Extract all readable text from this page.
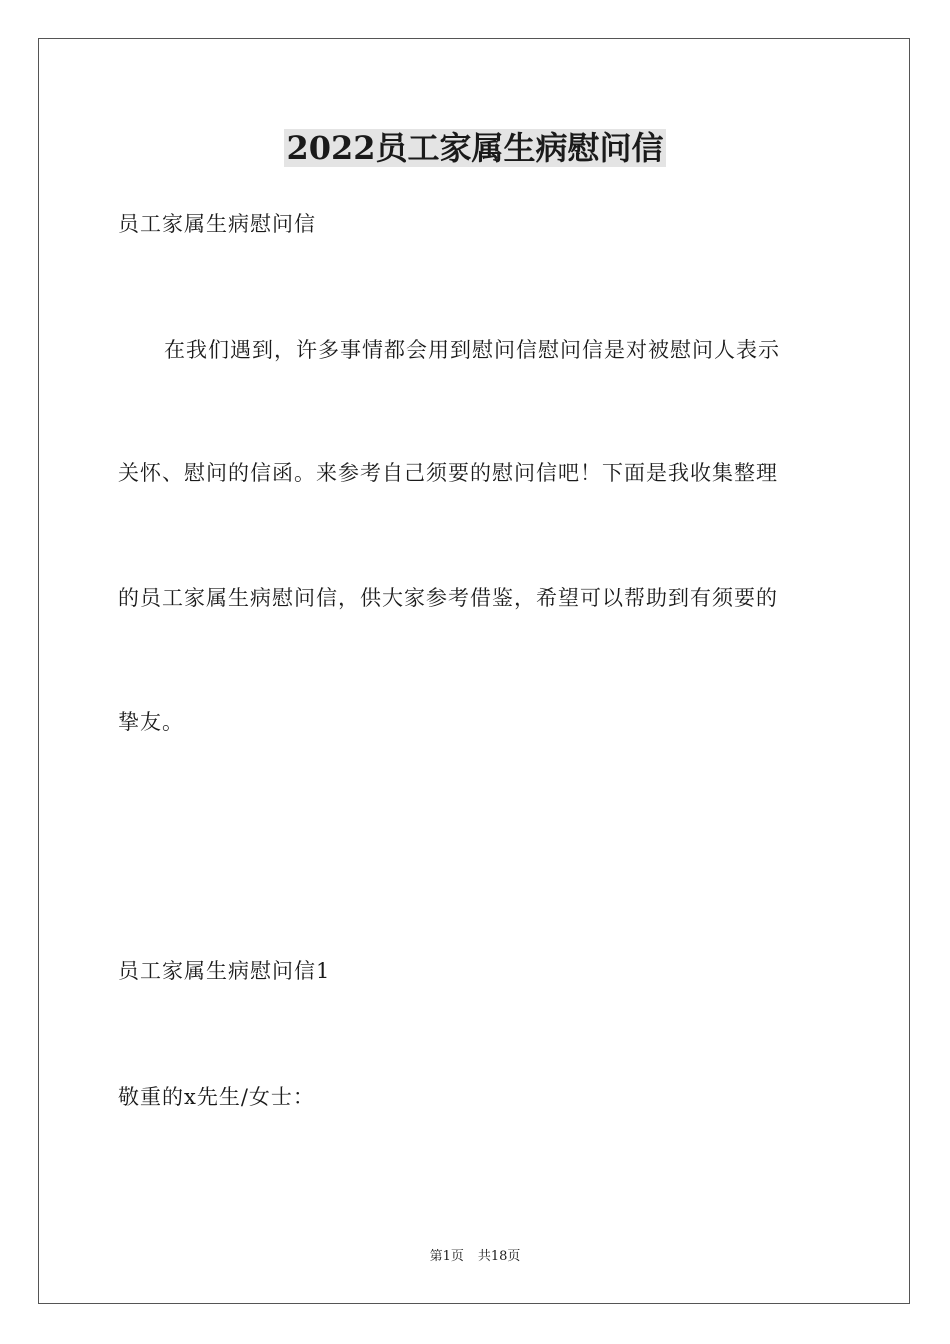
2022员工家属生病慰问信
员工家属生病慰问信
在我们遇到，许多事情都会用到慰问信慰问信是对被慰问人表示
关怀、慰问的信函。来参考自己须要的慰问信吧！下面是我收集整理
的员工家属生病慰问信，供大家参考借鉴，希望可以帮助到有须要的
挚友。
员工家属生病慰问信1
敬重的x先生/女士：
第1页 共18页
